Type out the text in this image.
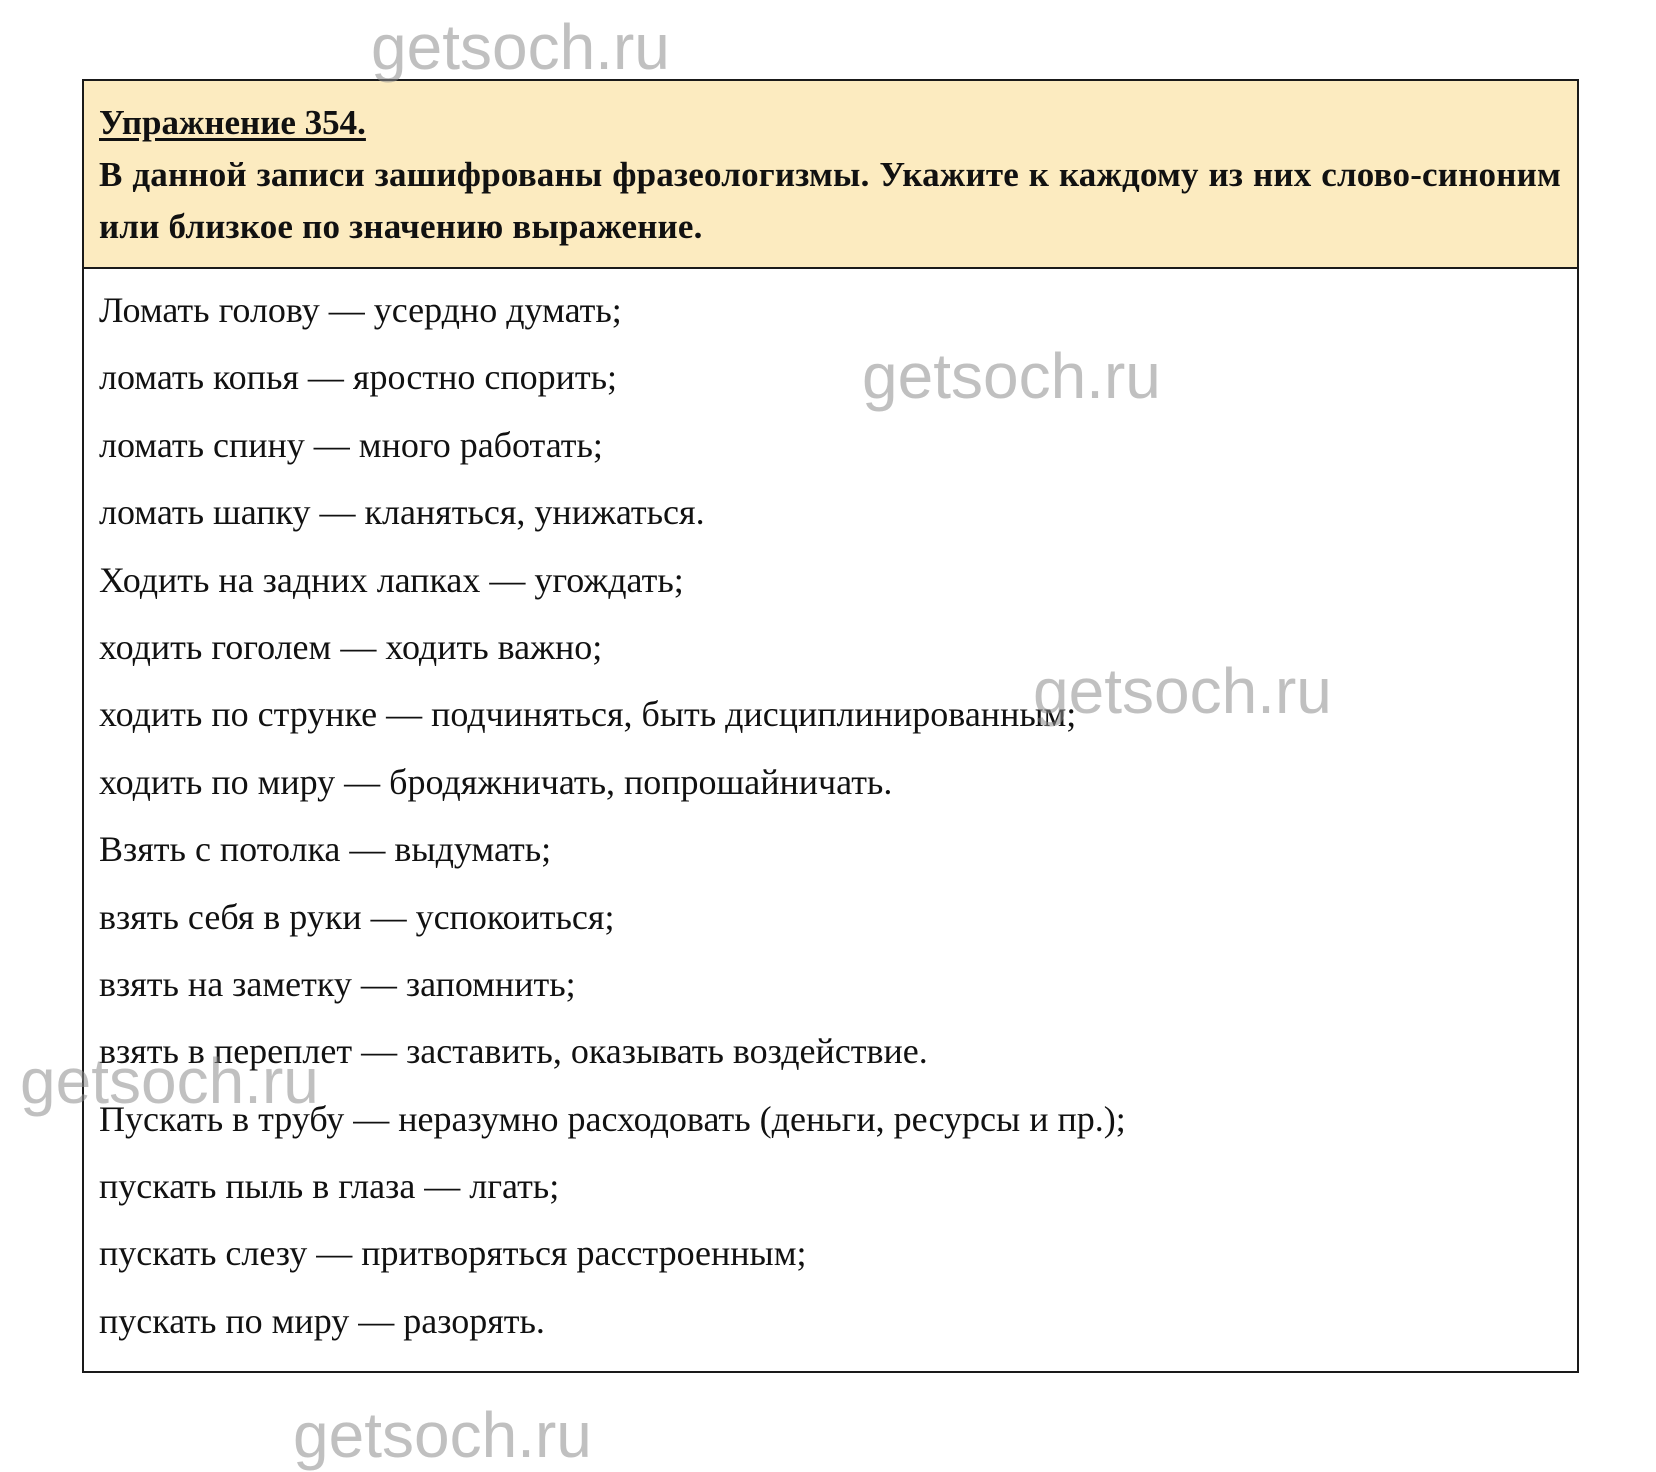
Упражнение 354.

В данной записи зашифрованы фразеологизмы. Укажите к каждому из них слово-синоним или близкое по значению выражение.

Ломать голову — усердно думать;
ломать копья — яростно спорить;
ломать спину — много работать;
ломать шапку — кланяться, унижаться.
Ходить на задних лапках — угождать;
ходить гоголем — ходить важно;
ходить по струнке — подчиняться, быть дисциплинированным;
ходить по миру — бродяжничать, попрошайничать.
Взять с потолка — выдумать;
взять себя в руки — успокоиться;
взять на заметку — запомнить;
взять в переплет — заставить, оказывать воздействие.
Пускать в трубу — неразумно расходовать (деньги, ресурсы и пр.);
пускать пыль в глаза — лгать;
пускать слезу — притворяться расстроенным;
пускать по миру — разорять.
getsoch.ru
getsoch.ru
getsoch.ru
getsoch.ru
getsoch.ru
